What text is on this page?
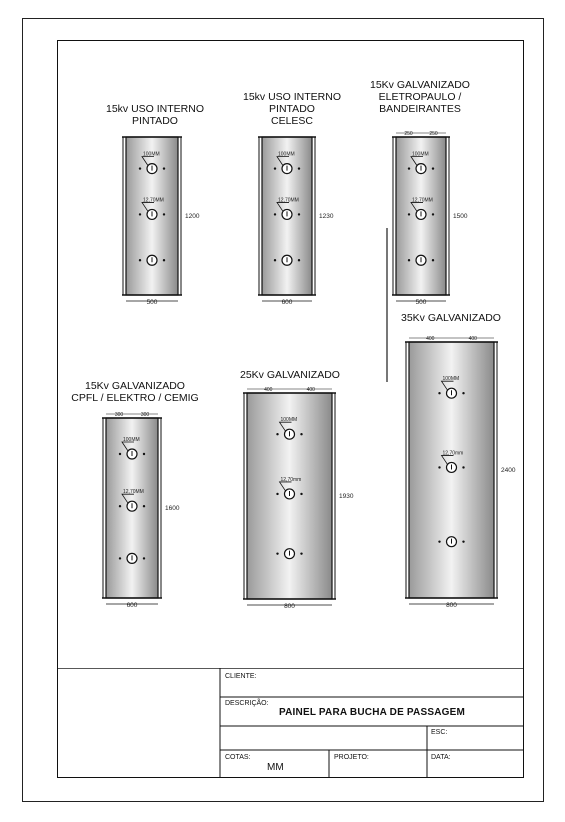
100MM
12,70MM
500
1200
100MM
12,70MM
600
1230
100MM
12,70MM
500
1500
250	250
100MM
12,70MM
600
1600
300	300
100MM
12,70mm
800
1930
400	400
100MM
12,70mm
800
2400
400	400
15kv USO INTERNO
PINTADO
15kv USO INTERNO
PINTADO
CELESC
15Kv GALVANIZADO
ELETROPAULO /
BANDEIRANTES
15Kv GALVANIZADO
CPFL / ELEKTRO / CEMIG
25Kv GALVANIZADO
35Kv GALVANIZADO
CLIENTE:
DESCRIÇÃO:
PAINEL PARA BUCHA DE PASSAGEM
ESC:
COTAS:
MM
PROJETO:	DATA:
